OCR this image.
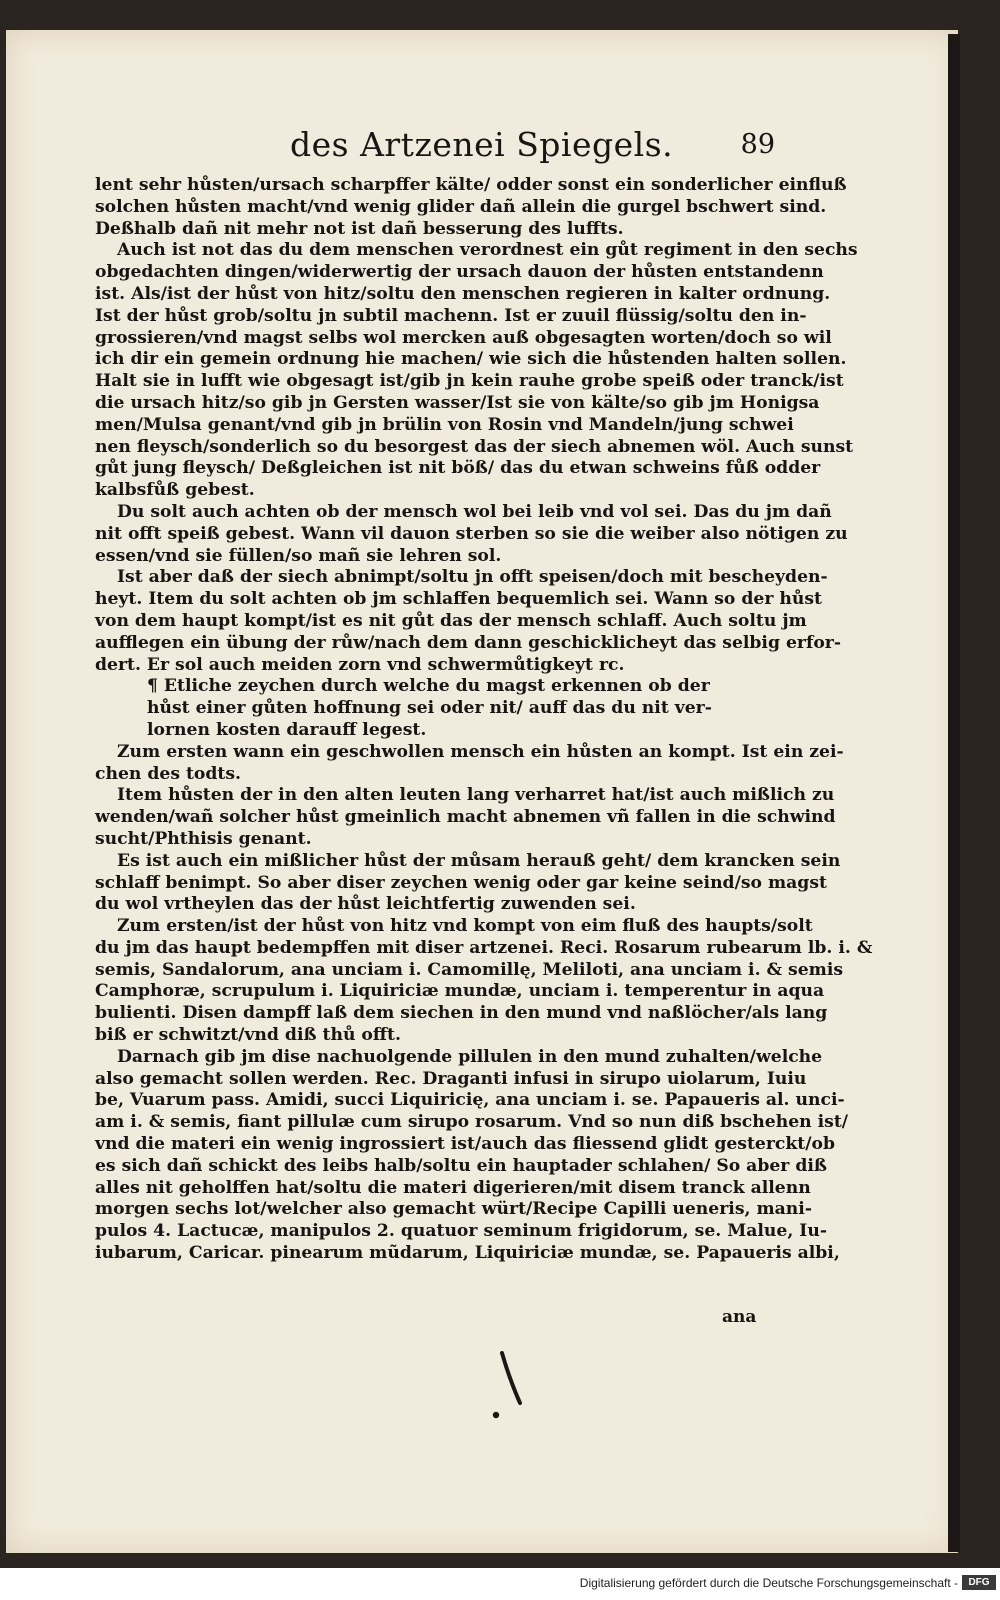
des Artzenei Spiegels.	89
lent sehr hůsten/ursach scharpffer kälte/ odder sonst ein sonderlicher einfluß
solchen hůsten macht/vnd wenig glider dañ allein die gurgel bschwert sind.
Deßhalb dañ nit mehr not ist dañ besserung des luffts.
Auch ist not das du dem menschen verordnest ein gůt regiment in den sechs
obgedachten dingen/widerwertig der ursach dauon der hůsten entstandenn
ist. Als/ist der hůst von hitz/soltu den menschen regieren in kalter ordnung.
Ist der hůst grob/soltu jn subtil machenn. Ist er zuuil flüssig/soltu den in-
grossieren/vnd magst selbs wol mercken auß obgesagten worten/doch so wil
ich dir ein gemein ordnung hie machen/ wie sich die hůstenden halten sollen.
Halt sie in lufft wie obgesagt ist/gib jn kein rauhe grobe speiß oder tranck/ist
die ursach hitz/so gib jn Gersten wasser/Ist sie von kälte/so gib jm Honigsa
men/Mulsa genant/vnd gib jn brülin von Rosin vnd Mandeln/jung schwei
nen fleysch/sonderlich so du besorgest das der siech abnemen wöl. Auch sunst
gůt jung fleysch/ Deßgleichen ist nit böß/ das du etwan schweins fůß odder
kalbsfůß gebest.
Du solt auch achten ob der mensch wol bei leib vnd vol sei. Das du jm dañ
nit offt speiß gebest. Wann vil dauon sterben so sie die weiber also nötigen zu
essen/vnd sie füllen/so mañ sie lehren sol.
Ist aber daß der siech abnimpt/soltu jn offt speisen/doch mit bescheyden-
heyt. Item du solt achten ob jm schlaffen bequemlich sei. Wann so der hůst
von dem haupt kompt/ist es nit gůt das der mensch schlaff. Auch soltu jm
aufflegen ein übung der růw/nach dem dann geschicklicheyt das selbig erfor-
dert. Er sol auch meiden zorn vnd schwermůtigkeyt rc.
¶ Etliche zeychen durch welche du magst erkennen ob der
hůst einer gůten hoffnung sei oder nit/ auff das du nit ver-
lornen kosten darauff legest.
Zum ersten wann ein geschwollen mensch ein hůsten an kompt. Ist ein zei-
chen des todts.
Item hůsten der in den alten leuten lang verharret hat/ist auch mißlich zu
wenden/wañ solcher hůst gmeinlich macht abnemen vñ fallen in die schwind
sucht/Phthisis genant.
Es ist auch ein mißlicher hůst der můsam herauß geht/ dem krancken sein
schlaff benimpt. So aber diser zeychen wenig oder gar keine seind/so magst
du wol vrtheylen das der hůst leichtfertig zuwenden sei.
Zum ersten/ist der hůst von hitz vnd kompt von eim fluß des haupts/solt
du jm das haupt bedempffen mit diser artzenei. Reci. Rosarum rubearum lb. i. &
semis, Sandalorum, ana unciam i. Camomillę, Meliloti, ana unciam i. & semis
Camphoræ, scrupulum i. Liquiriciæ mundæ, unciam i. temperentur in aqua
bulienti. Disen dampff laß dem siechen in den mund vnd naßlöcher/als lang
biß er schwitzt/vnd diß thů offt.
Darnach gib jm dise nachuolgende pillulen in den mund zuhalten/welche
also gemacht sollen werden. Rec. Draganti infusi in sirupo uiolarum, Iuiu
be, Vuarum pass. Amidi, succi Liquiricię, ana unciam i. se. Papaueris al. unci-
am i. & semis, fiant pillulæ cum sirupo rosarum. Vnd so nun diß bschehen ist/
vnd die materi ein wenig ingrossiert ist/auch das fliessend glidt gesterckt/ob
es sich dañ schickt des leibs halb/soltu ein hauptader schlahen/ So aber diß
alles nit geholffen hat/soltu die materi digerieren/mit disem tranck allenn
morgen sechs lot/welcher also gemacht würt/Recipe Capilli ueneris, mani-
pulos 4. Lactucæ, manipulos 2. quatuor seminum frigidorum, se. Malue, Iu-
iubarum, Caricar. pinearum mũdarum, Liquiriciæ mundæ, se. Papaueris albi,
ana
Digitalisierung gefördert durch die Deutsche Forschungsgemeinschaft -	DFG
